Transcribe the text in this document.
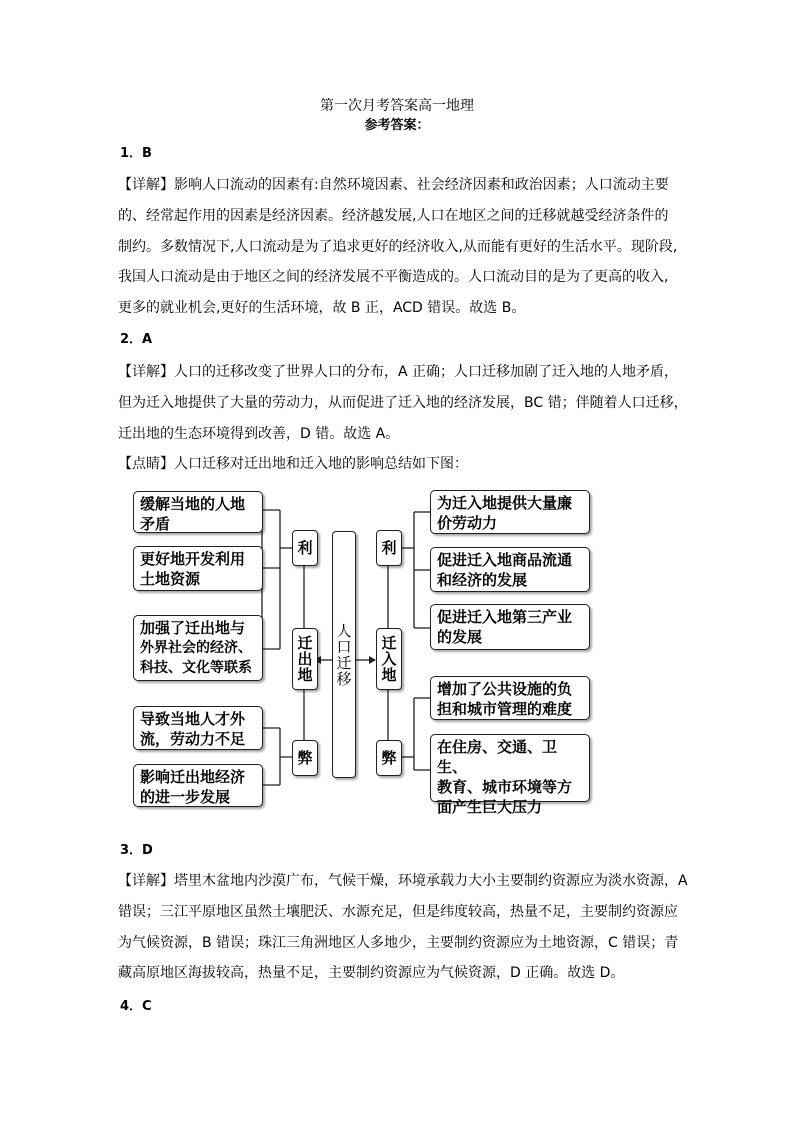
第一次月考答案高一地理
参考答案：
1．B
【详解】影响人口流动的因素有:自然环境因素、社会经济因素和政治因素；人口流动主要
的、经常起作用的因素是经济因素。经济越发展,人口在地区之间的迁移就越受经济条件的
制约。多数情况下,人口流动是为了追求更好的经济收入,从而能有更好的生活水平。现阶段,
我国人口流动是由于地区之间的经济发展不平衡造成的。人口流动目的是为了更高的收入,
更多的就业机会,更好的生活环境，故 B 正，ACD 错误。故选 B。
2．A
【详解】人口的迁移改变了世界人口的分布，A 正确；人口迁移加剧了迁入地的人地矛盾，
但为迁入地提供了大量的劳动力，从而促进了迁入地的经济发展，BC 错；伴随着人口迁移，
迁出地的生态环境得到改善，D 错。故选 A。
【点睛】人口迁移对迁出地和迁入地的影响总结如下图：
缓解当地的人地
矛盾
更好地开发利用
土地资源
加强了迁出地与
外界社会的经济、
科技、文化等联系
导致当地人才外
流，劳动力不足
影响迁出地经济
的进一步发展
利
迁出地
弊
人口迁移
利
迁入地
弊
为迁入地提供大量廉
价劳动力
促进迁入地商品流通
和经济的发展
促进迁入地第三产业
的发展
增加了公共设施的负
担和城市管理的难度
在住房、交通、卫生、
教育、城市环境等方
面产生巨大压力
3．D
【详解】塔里木盆地内沙漠广布，气候干燥，环境承载力大小主要制约资源应为淡水资源，A
错误；三江平原地区虽然土壤肥沃、水源充足，但是纬度较高，热量不足，主要制约资源应
为气候资源，B 错误；珠江三角洲地区人多地少，主要制约资源应为土地资源，C 错误；青
藏高原地区海拔较高，热量不足，主要制约资源应为气候资源，D 正确。故选 D。
4．C
